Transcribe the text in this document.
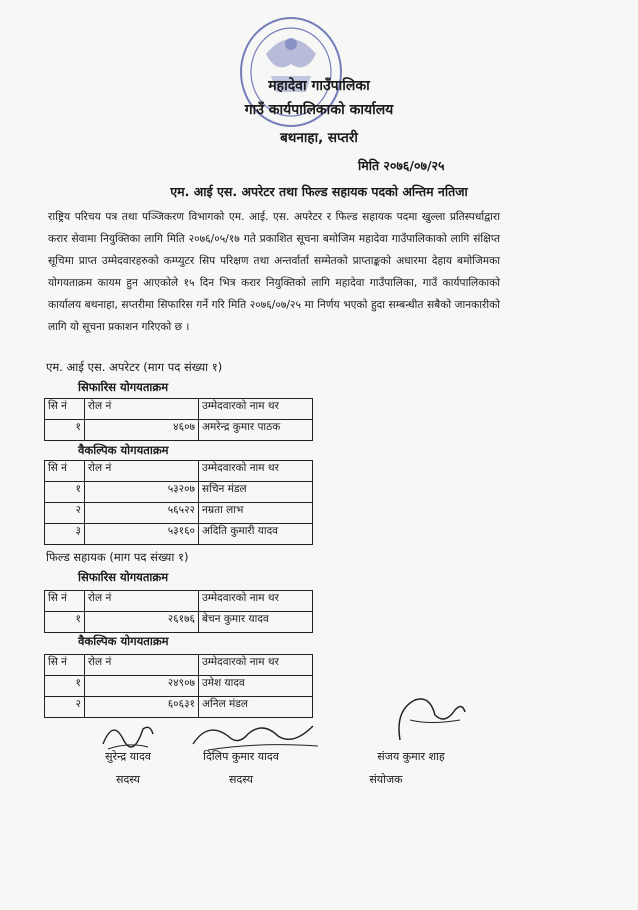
महादेवा गाउँपालिका
गाउँ कार्यपालिकाको कार्यालय
बथनाहा, सप्तरी
मिति २०७६/०७/२५
एम. आई एस. अपरेटर तथा फिल्ड सहायक पदको अन्तिम नतिजा
राष्ट्रिय परिचय पत्र तथा पञ्जिकरण विभागको एम. आई. एस. अपरेटर र फिल्ड सहायक पदमा खुल्ला प्रतिस्पर्धाद्वारा करार सेवामा नियुक्तिका लागि मिति २०७६/०५/१७ गते प्रकाशित सूचना बमोजिम महादेवा गाउँपालिकाको लागि संक्षिप्त सूचिमा प्राप्त उम्मेदवारहरुको कम्प्युटर सिप परिक्षण तथा अन्तर्वार्ता सम्मेतको प्राप्ताङ्कको अधारमा देहाय बमोजिमका योगयताक्रम कायम हुन आएकोले १५ दिन भित्र करार नियुक्तिको लागि महादेवा गाउँपालिका, गाउँ कार्यपालिकाको कार्यालय बथनाहा, सप्तरीमा सिफारिस गर्ने गरि मिति २०७६/०७/२५ मा निर्णय भएको हुदा सम्बन्धीत सबैको जानकारीको लागि यो सूचना प्रकाशन गरिएको छ ।
एम. आई एस. अपरेटर (माग पद संख्या १)
सिफारिस योगयताक्रम
सि नं	रोल नं	उम्मेदवारको नाम थर
१	४६०७	अमरेन्द्र कुमार पाठक
वैकल्पिक योगयताक्रम
सि नं	रोल नं	उम्मेदवारको नाम थर
१	५३२०७	सचिन मंडल
२	५६५२२	नम्रता लाभ
३	५३१६०	अदिति कुमारी यादव
फिल्ड सहायक (माग पद संख्या १)
सिफारिस योगयताक्रम
सि नं	रोल नं	उम्मेदवारको नाम थर
१	२६१७६	बेचन कुमार यादव
वैकल्पिक योगयताक्रम
सि नं	रोल नं	उम्मेदवारको नाम थर
१	२४९०७	उमेश यादव
२	६०६३१	अनिल मंडल
सुरेन्द्र यादव
सदस्य
दिलिप कुमार यादव
सदस्य
संजय कुमार शाह
संयोजक
